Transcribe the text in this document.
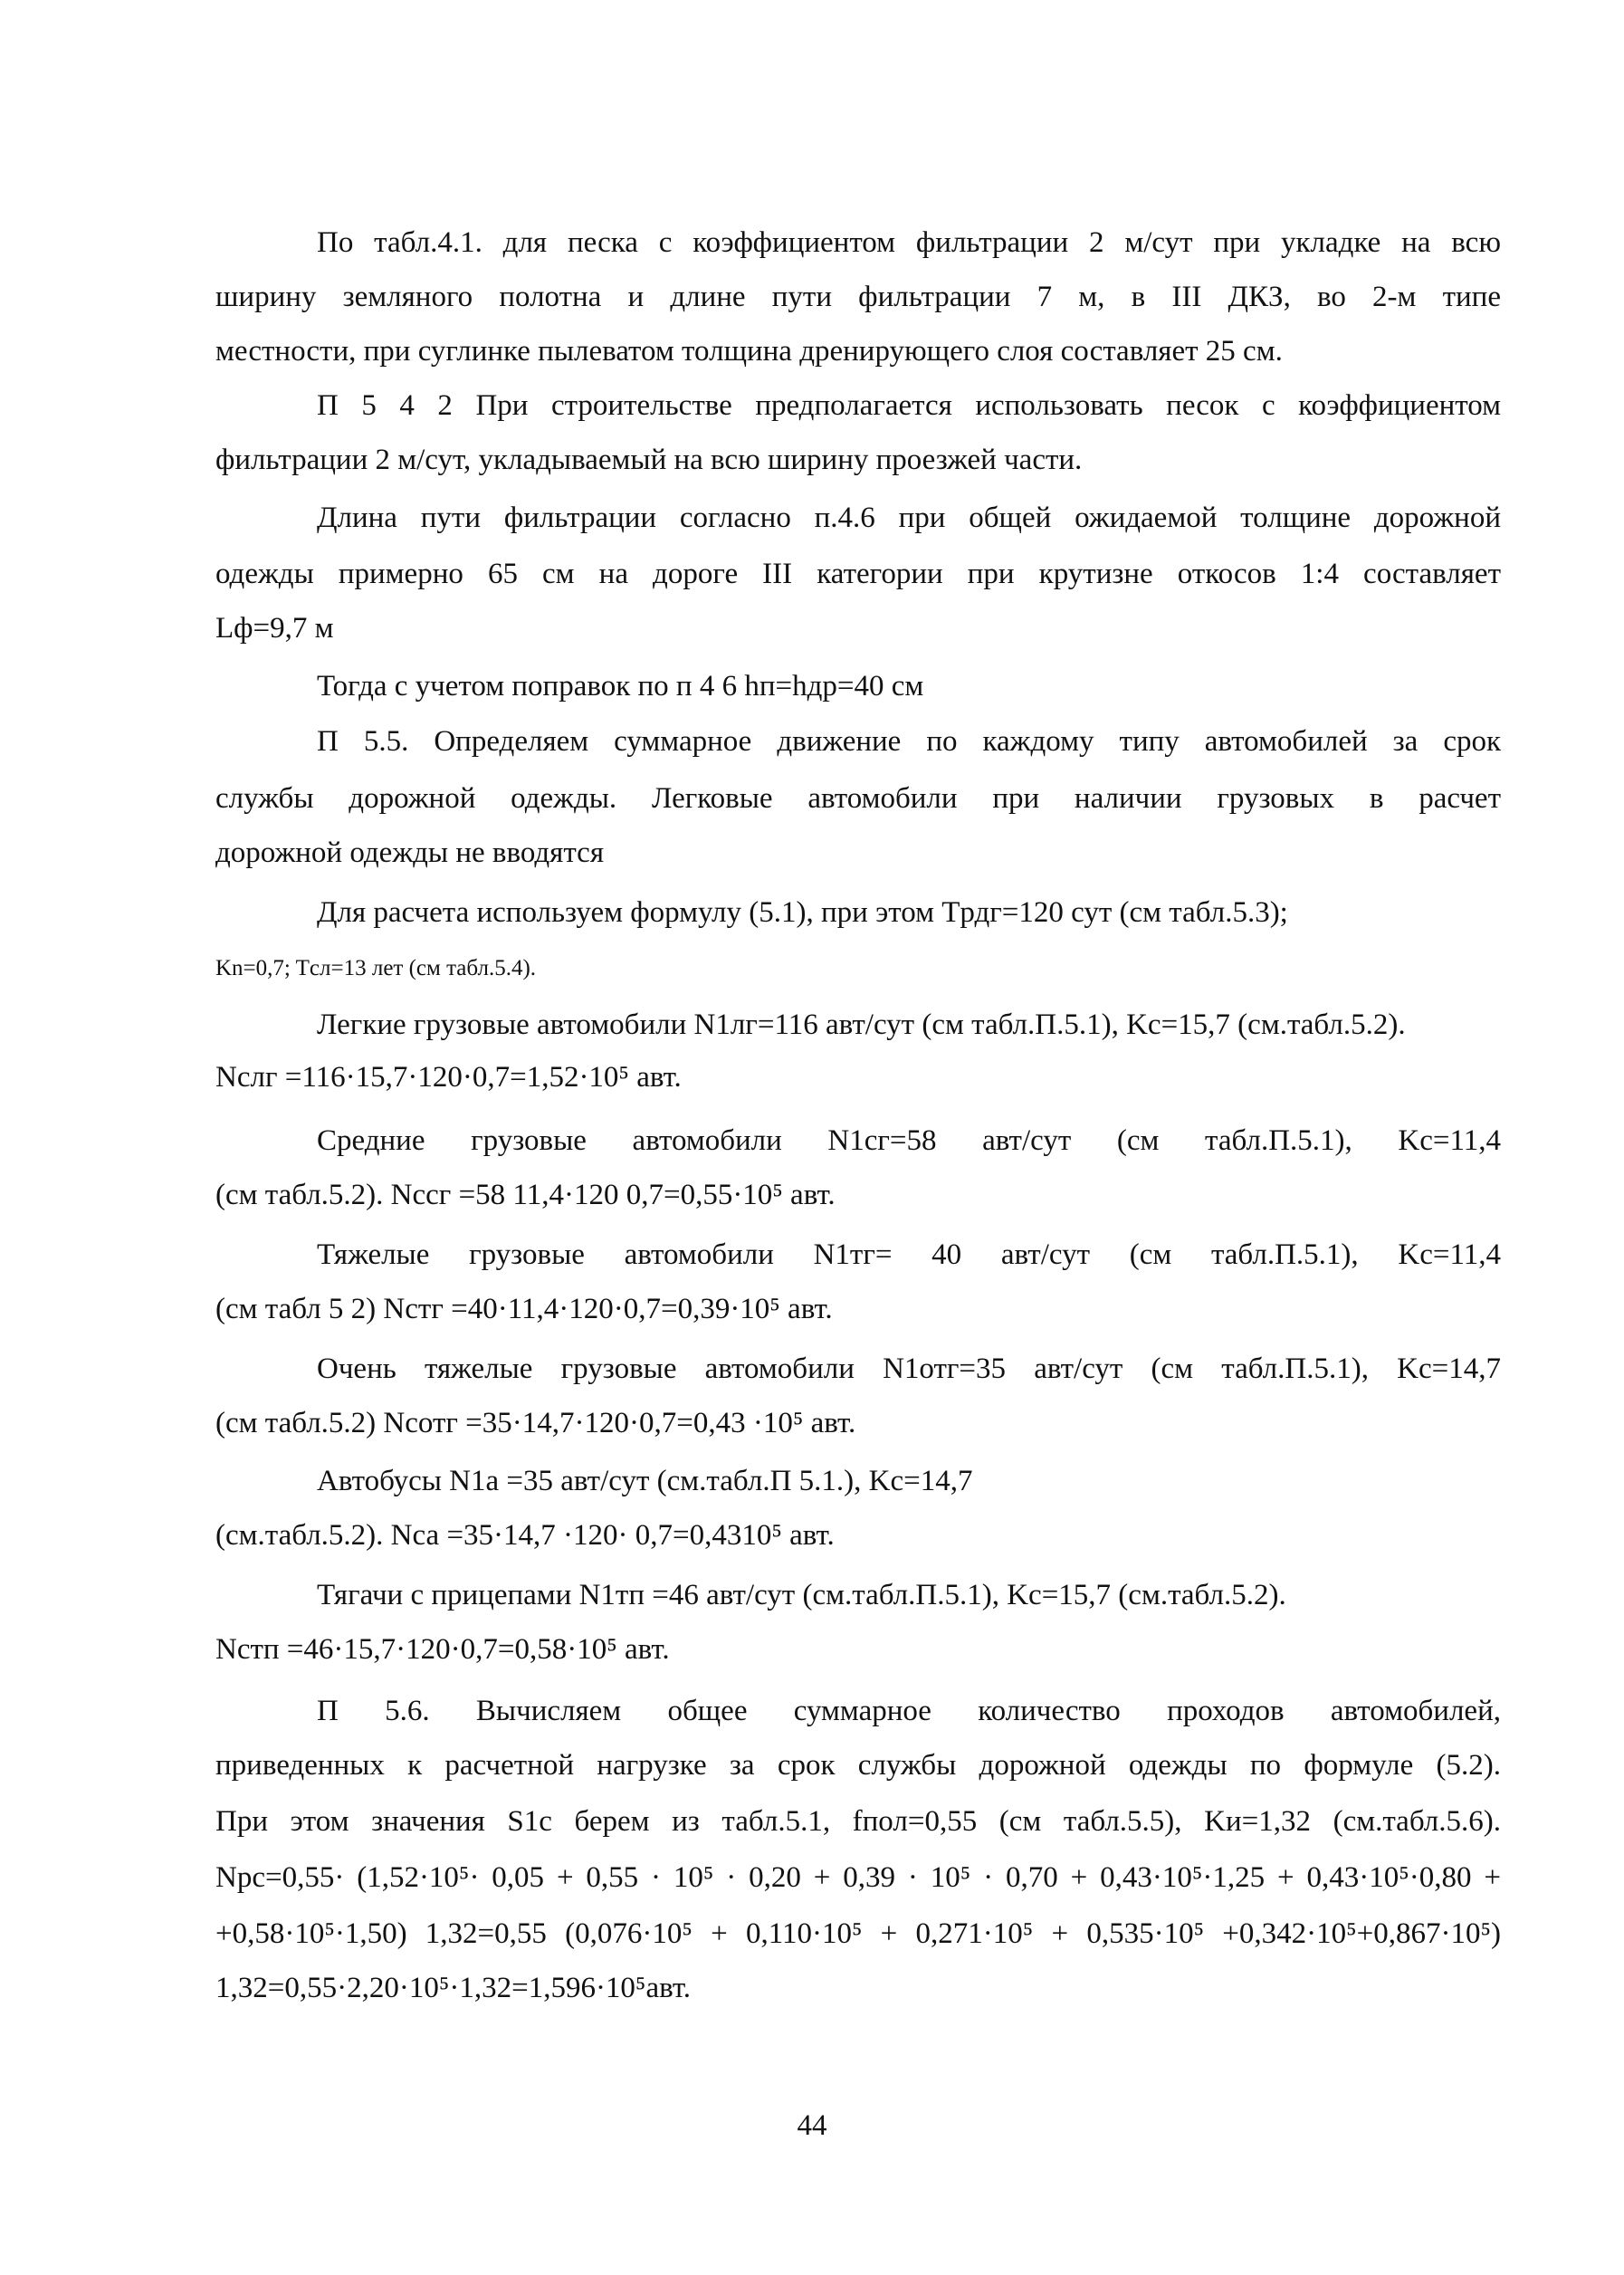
По табл.4.1. для песка с коэффициентом фильтрации 2 м/сут при укладке на всю
ширину земляного полотна и длине пути фильтрации 7 м, в III ДКЗ, во 2-м типе
местности, при суглинке пылеватом толщина дренирующего слоя составляет 25 см.
П 5 4 2 При строительстве предполагается использовать песок с коэффициентом
фильтрации 2 м/сут, укладываемый на всю ширину проезжей части.
Длина пути фильтрации согласно п.4.6 при общей ожидаемой толщине дорожной
одежды примерно 65 см на дороге III категории при крутизне откосов 1:4 составляет
Lф=9,7 м
Тогда с учетом поправок по п 4 6 hп=hдр=40 см
П 5.5. Определяем суммарное движение по каждому типу автомобилей за срок
службы дорожной одежды. Легковые автомобили при наличии грузовых в расчет
дорожной одежды не вводятся
Для расчета используем формулу (5.1), при этом Tрдг=120 сут (см табл.5.3);
Kn=0,7; Tсл=13 лет (см табл.5.4).
Легкие грузовые автомобили N1лг=116 авт/сут (см табл.П.5.1), Kс=15,7 (см.табл.5.2).
Nслг =116·15,7·120·0,7=1,52·10⁵ авт.
Средние грузовые автомобили N1сг=58 авт/сут (см табл.П.5.1), Kс=11,4
(см табл.5.2). Nссг =58 11,4·120 0,7=0,55·10⁵ авт.
Тяжелые грузовые автомобили N1тг= 40 авт/сут (см табл.П.5.1), Kс=11,4
(см табл 5 2) Nстг =40·11,4·120·0,7=0,39·10⁵ авт.
Очень тяжелые грузовые автомобили N1отг=35 авт/сут (см табл.П.5.1), Kс=14,7
(см табл.5.2) Nсотг =35·14,7·120·0,7=0,43 ·10⁵ авт.
Автобусы N1а =35 авт/сут (см.табл.П 5.1.), Kс=14,7
(см.табл.5.2). Nса =35·14,7 ·120· 0,7=0,4310⁵ авт.
Тягачи с прицепами N1тп =46 авт/сут (см.табл.П.5.1), Kс=15,7 (см.табл.5.2).
Nстп =46·15,7·120·0,7=0,58·10⁵ авт.
П 5.6. Вычисляем общее суммарное количество проходов автомобилей,
приведенных к расчетной нагрузке за срок службы дорожной одежды по формуле (5.2).
При этом значения S1c берем из табл.5.1, fпол=0,55 (см табл.5.5), Kи=1,32 (см.табл.5.6).
Nрс=0,55· (1,52·10⁵· 0,05 + 0,55 · 10⁵ · 0,20 + 0,39 · 10⁵ · 0,70 + 0,43·10⁵·1,25 + 0,43·10⁵·0,80 +
+0,58·10⁵·1,50) 1,32=0,55 (0,076·10⁵ + 0,110·10⁵ + 0,271·10⁵ + 0,535·10⁵ +0,342·10⁵+0,867·10⁵)
1,32=0,55·2,20·10⁵·1,32=1,596·10⁵авт.
44
